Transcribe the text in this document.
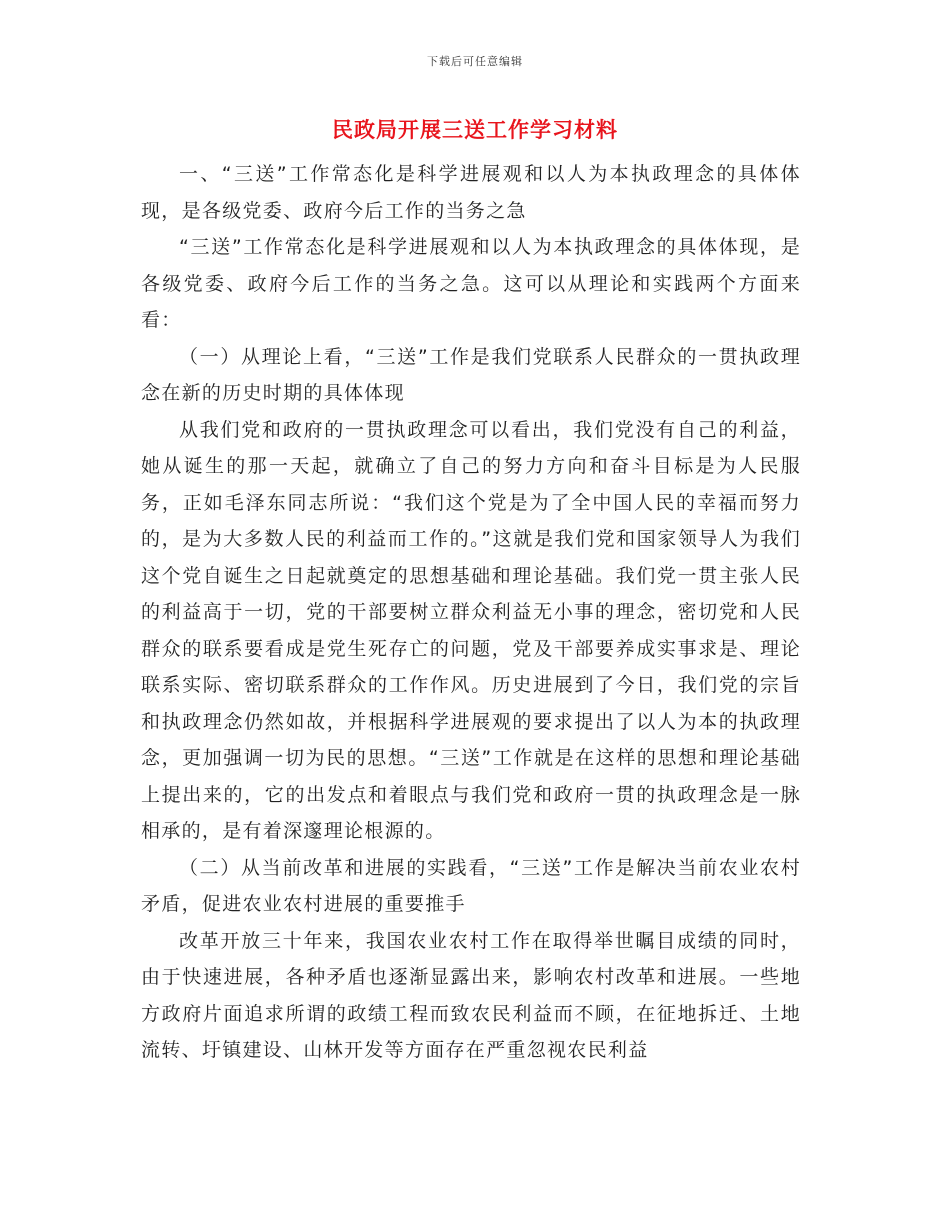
下载后可任意编辑
民政局开展三送工作学习材料

一、“三送”工作常态化是科学进展观和以人为本执政理念的具体体现，是各级党委、政府今后工作的当务之急

“三送”工作常态化是科学进展观和以人为本执政理念的具体体现，是各级党委、政府今后工作的当务之急。这可以从理论和实践两个方面来看：

（一）从理论上看，“三送”工作是我们党联系人民群众的一贯执政理念在新的历史时期的具体体现

从我们党和政府的一贯执政理念可以看出，我们党没有自己的利益，她从诞生的那一天起，就确立了自己的努力方向和奋斗目标是为人民服务，正如毛泽东同志所说：“我们这个党是为了全中国人民的幸福而努力的，是为大多数人民的利益而工作的。”这就是我们党和国家领导人为我们这个党自诞生之日起就奠定的思想基础和理论基础。我们党一贯主张人民的利益高于一切，党的干部要树立群众利益无小事的理念，密切党和人民群众的联系要看成是党生死存亡的问题，党及干部要养成实事求是、理论联系实际、密切联系群众的工作作风。历史进展到了今日，我们党的宗旨和执政理念仍然如故，并根据科学进展观的要求提出了以人为本的执政理念，更加强调一切为民的思想。“三送”工作就是在这样的思想和理论基础上提出来的，它的出发点和着眼点与我们党和政府一贯的执政理念是一脉相承的，是有着深邃理论根源的。

（二）从当前改革和进展的实践看，“三送”工作是解决当前农业农村矛盾，促进农业农村进展的重要推手

改革开放三十年来，我国农业农村工作在取得举世瞩目成绩的同时，由于快速进展，各种矛盾也逐渐显露出来，影响农村改革和进展。一些地方政府片面追求所谓的政绩工程而致农民利益而不顾，在征地拆迁、土地流转、圩镇建设、山林开发等方面存在严重忽视农民利益
